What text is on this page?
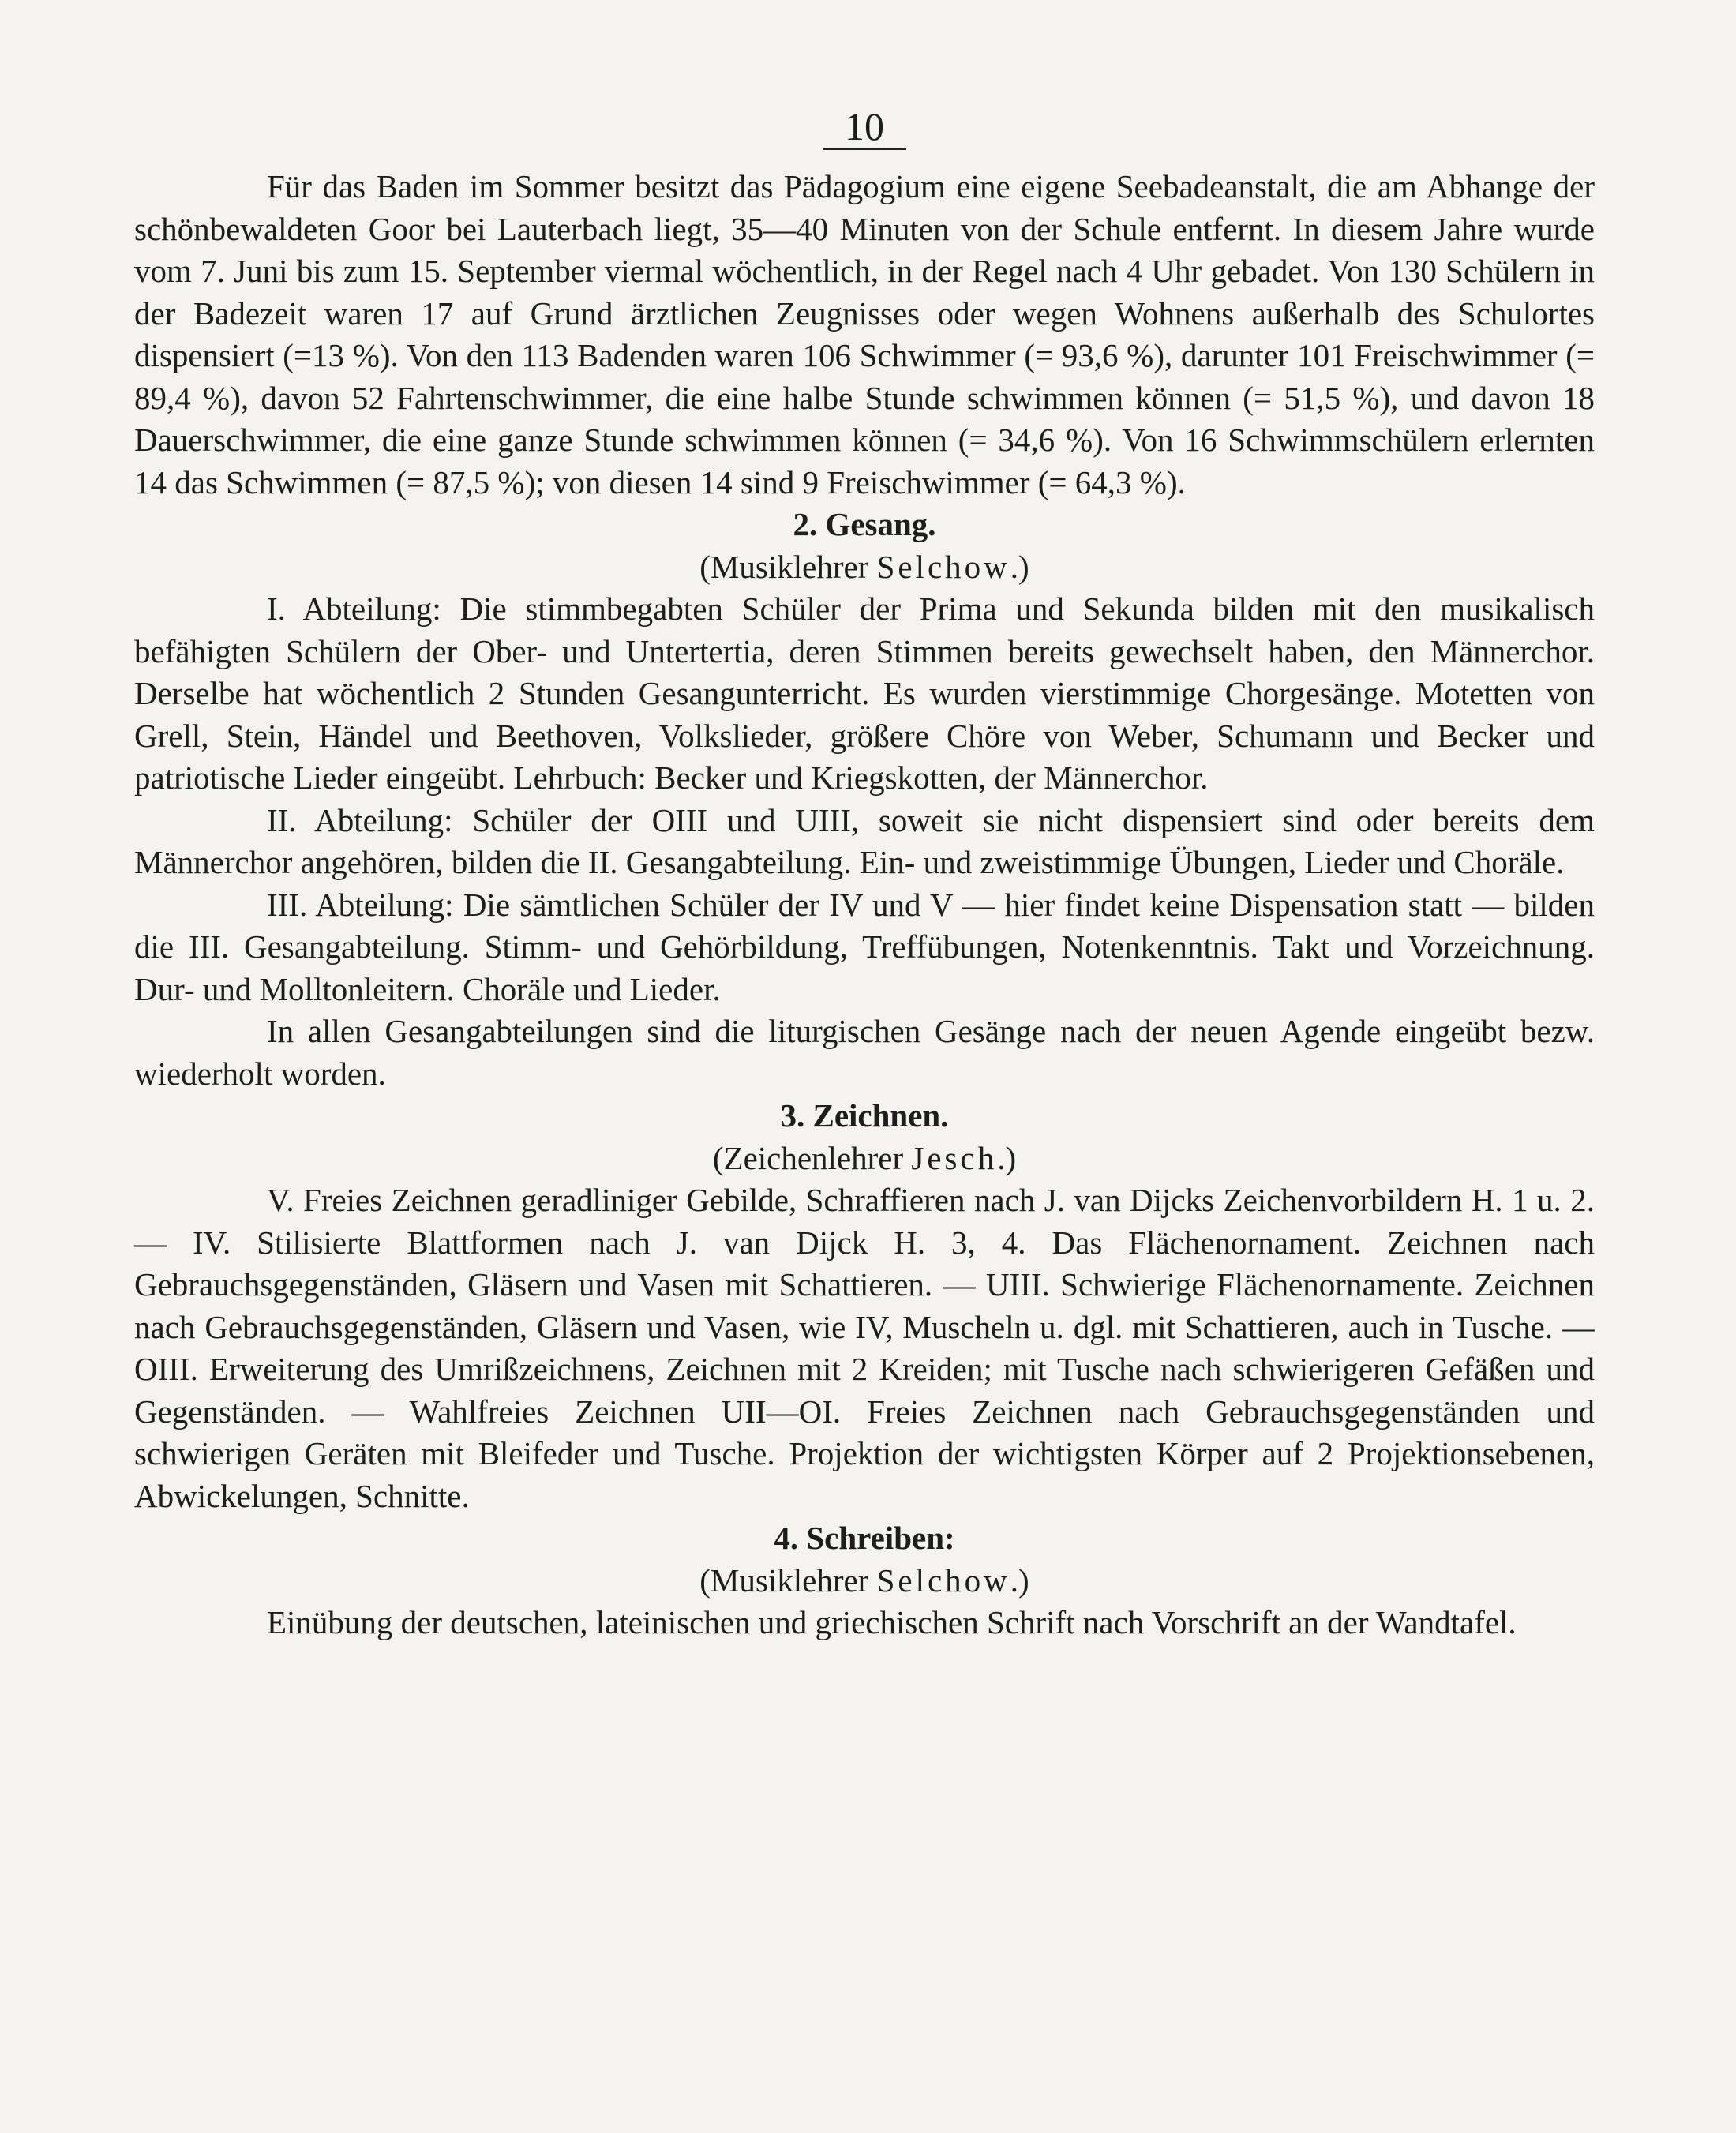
10

Für das Baden im Sommer besitzt das Pädagogium eine eigene Seebadeanstalt, die am Abhange der schönbewaldeten Goor bei Lauterbach liegt, 35—40 Minuten von der Schule entfernt. In diesem Jahre wurde vom 7. Juni bis zum 15. September viermal wöchentlich, in der Regel nach 4 Uhr gebadet. Von 130 Schülern in der Badezeit waren 17 auf Grund ärztlichen Zeugnisses oder wegen Wohnens außerhalb des Schulortes dispensiert (=13 %). Von den 113 Badenden waren 106 Schwimmer (= 93,6 %), darunter 101 Freischwimmer (= 89,4 %), davon 52 Fahrtenschwimmer, die eine halbe Stunde schwimmen können (= 51,5 %), und davon 18 Dauerschwimmer, die eine ganze Stunde schwimmen können (= 34,6 %). Von 16 Schwimmschülern erlernten 14 das Schwimmen (= 87,5 %); von diesen 14 sind 9 Freischwimmer (= 64,3 %).

2. Gesang.
(Musiklehrer Selchow.)

I. Abteilung: Die stimmbegabten Schüler der Prima und Sekunda bilden mit den musikalisch befähigten Schülern der Ober- und Untertertia, deren Stimmen bereits gewechselt haben, den Männerchor. Derselbe hat wöchentlich 2 Stunden Gesangunterricht. Es wurden vierstimmige Chorgesänge. Motetten von Grell, Stein, Händel und Beethoven, Volkslieder, größere Chöre von Weber, Schumann und Becker und patriotische Lieder eingeübt. Lehrbuch: Becker und Kriegskotten, der Männerchor.

II. Abteilung: Schüler der OIII und UIII, soweit sie nicht dispensiert sind oder bereits dem Männerchor angehören, bilden die II. Gesangabteilung. Ein- und zweistimmige Übungen, Lieder und Choräle.

III. Abteilung: Die sämtlichen Schüler der IV und V — hier findet keine Dispensation statt — bilden die III. Gesangabteilung. Stimm- und Gehörbildung, Treffübungen, Notenkenntnis. Takt und Vorzeichnung. Dur- und Molltonleitern. Choräle und Lieder.

In allen Gesangabteilungen sind die liturgischen Gesänge nach der neuen Agende eingeübt bezw. wiederholt worden.

3. Zeichnen.
(Zeichenlehrer Jesch.)

V. Freies Zeichnen geradliniger Gebilde, Schraffieren nach J. van Dijcks Zeichenvorbildern H. 1 u. 2. — IV. Stilisierte Blattformen nach J. van Dijck H. 3, 4. Das Flächenornament. Zeichnen nach Gebrauchsgegenständen, Gläsern und Vasen mit Schattieren. — UIII. Schwierige Flächenornamente. Zeichnen nach Gebrauchsgegenständen, Gläsern und Vasen, wie IV, Muscheln u. dgl. mit Schattieren, auch in Tusche. — OIII. Erweiterung des Umrißzeichnens, Zeichnen mit 2 Kreiden; mit Tusche nach schwierigeren Gefäßen und Gegenständen. — Wahlfreies Zeichnen UII—OI. Freies Zeichnen nach Gebrauchsgegenständen und schwierigen Geräten mit Bleifeder und Tusche. Projektion der wichtigsten Körper auf 2 Projektionsebenen, Abwickelungen, Schnitte.

4. Schreiben:
(Musiklehrer Selchow.)

Einübung der deutschen, lateinischen und griechischen Schrift nach Vorschrift an der Wandtafel.
